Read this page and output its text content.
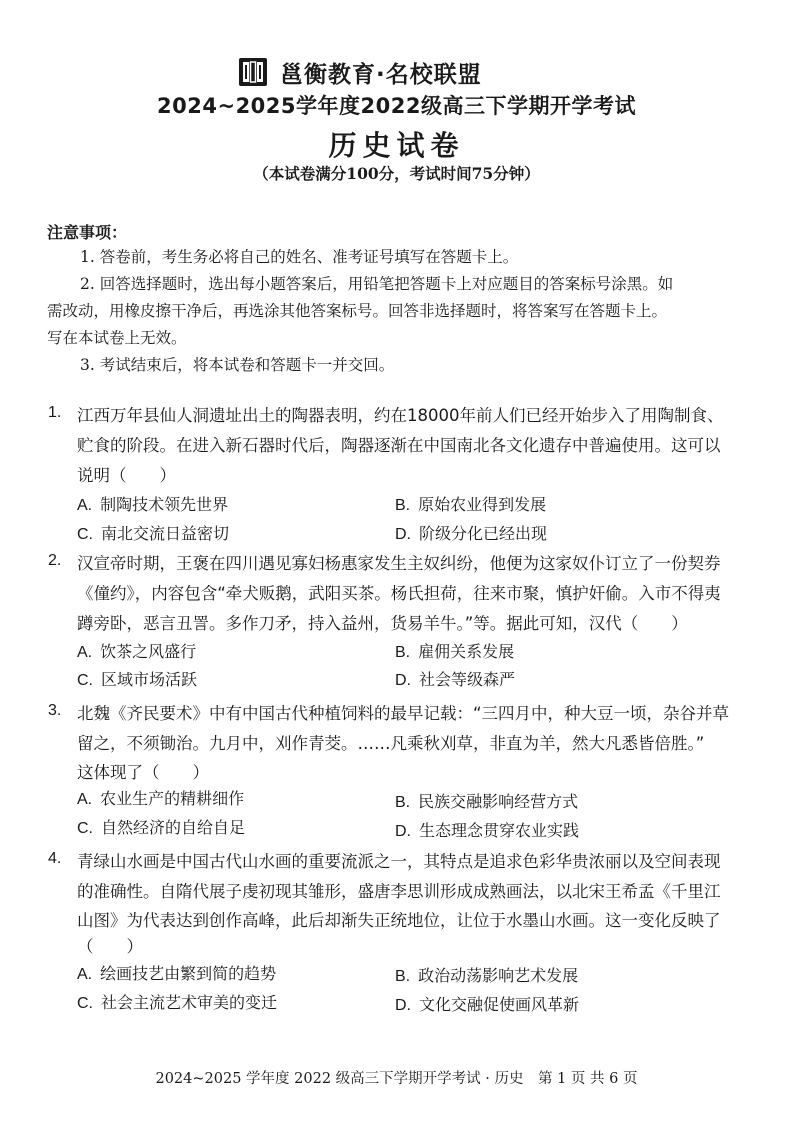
邕衡教育·名校联盟
2024~2025学年度2022级高三下学期开学考试
历史试卷
（本试卷满分100分，考试时间75分钟）
注意事项：
1. 答卷前，考生务必将自己的姓名、准考证号填写在答题卡上。
2. 回答选择题时，选出每小题答案后，用铅笔把答题卡上对应题目的答案标号涂黑。如
需改动，用橡皮擦干净后，再选涂其他答案标号。回答非选择题时，将答案写在答题卡上。
写在本试卷上无效。
3. 考试结束后，将本试卷和答题卡一并交回。
1. 江西万年县仙人洞遗址出土的陶器表明，约在18000年前人们已经开始步入了用陶制食、
贮食的阶段。在进入新石器时代后，陶器逐渐在中国南北各文化遗存中普遍使用。这可以
说明（　　）
A. 制陶技术领先世界	B. 原始农业得到发展
C. 南北交流日益密切	D. 阶级分化已经出现
2. 汉宣帝时期，王褒在四川遇见寡妇杨惠家发生主奴纠纷，他便为这家奴仆订立了一份契券
《僮约》，内容包含“牵犬贩鹅，武阳买茶。杨氏担荷，往来市聚，慎护奸偷。入市不得夷
蹲旁卧，恶言丑詈。多作刀矛，持入益州，货易羊牛。”等。据此可知，汉代（　　）
A. 饮茶之风盛行	B. 雇佣关系发展
C. 区域市场活跃	D. 社会等级森严
3. 北魏《齐民要术》中有中国古代种植饲料的最早记载：“三四月中，种大豆一顷，杂谷并草
留之，不须锄治。九月中，刈作青茭。……凡乘秋刈草，非直为羊，然大凡悉皆倍胜。”
这体现了（　　）
A. 农业生产的精耕细作	B. 民族交融影响经营方式
C. 自然经济的自给自足	D. 生态理念贯穿农业实践
4. 青绿山水画是中国古代山水画的重要流派之一，其特点是追求色彩华贵浓丽以及空间表现
的准确性。自隋代展子虔初现其雏形，盛唐李思训形成成熟画法，以北宋王希孟《千里江
山图》为代表达到创作高峰，此后却渐失正统地位，让位于水墨山水画。这一变化反映了
（　　）
A. 绘画技艺由繁到简的趋势	B. 政治动荡影响艺术发展
C. 社会主流艺术审美的变迁	D. 文化交融促使画风革新
2024~2025 学年度 2022 级高三下学期开学考试 · 历史　第 1 页 共 6 页
